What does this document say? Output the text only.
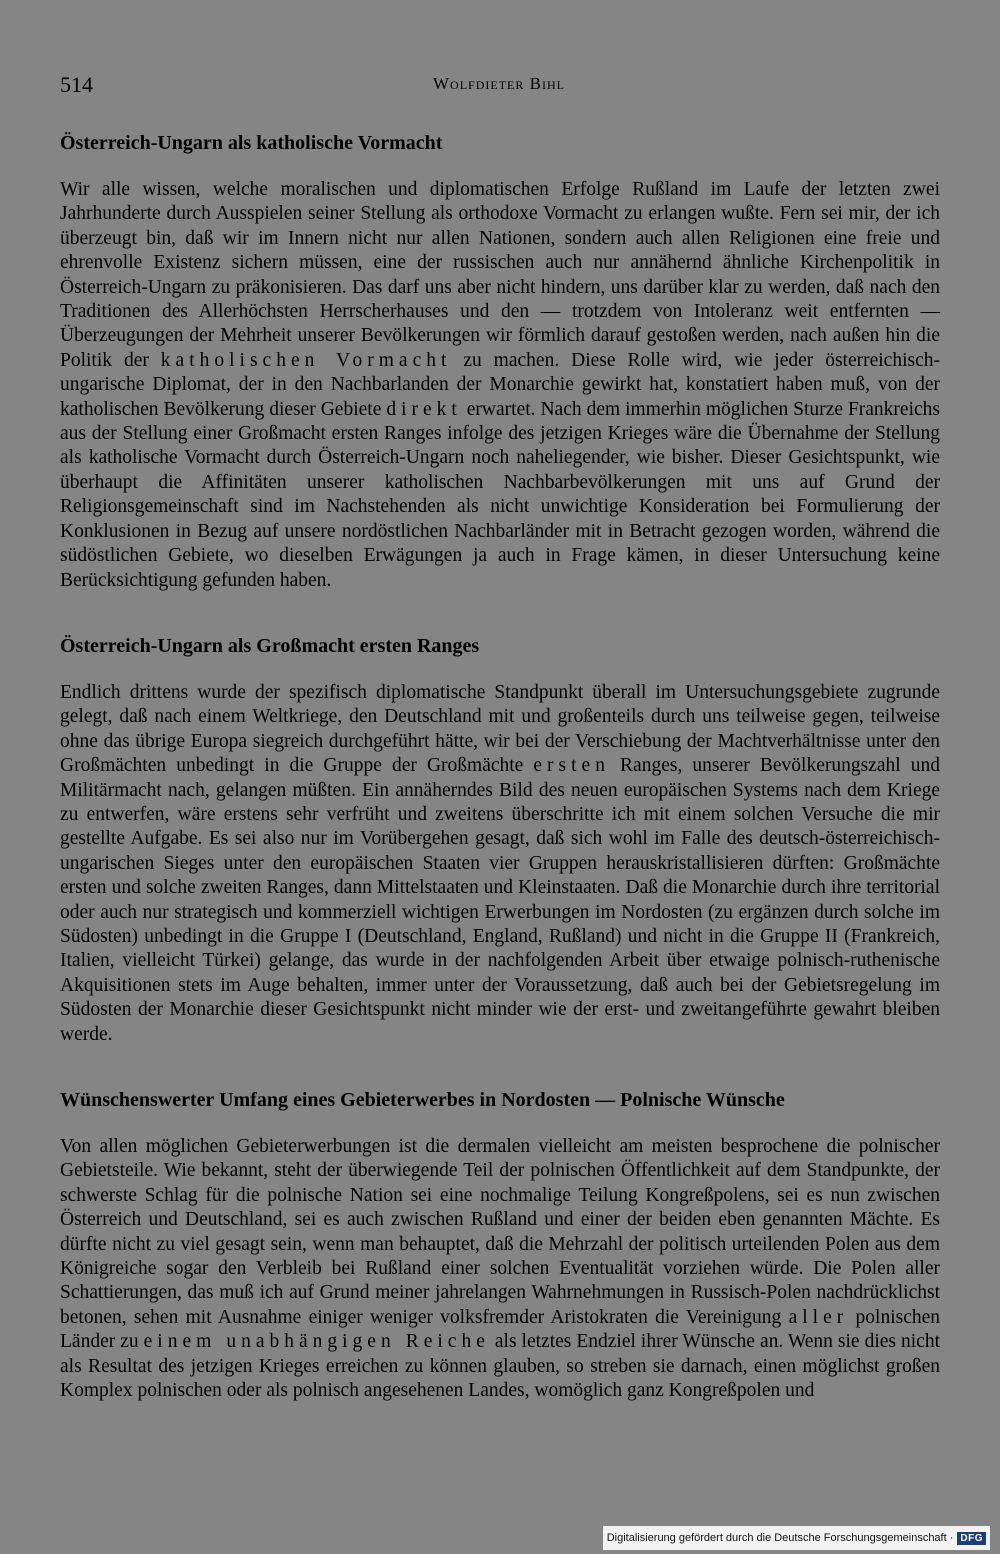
514	Wolfdieter Bihl
Österreich-Ungarn als katholische Vormacht

Wir alle wissen, welche moralischen und diplomatischen Erfolge Rußland im Laufe der letzten zwei Jahrhunderte durch Ausspielen seiner Stellung als orthodoxe Vormacht zu erlangen wußte. Fern sei mir, der ich überzeugt bin, daß wir im Innern nicht nur allen Nationen, sondern auch allen Religionen eine freie und ehrenvolle Existenz sichern müssen, eine der russischen auch nur annähernd ähnliche Kirchenpolitik in Österreich-Ungarn zu präkonisieren. Das darf uns aber nicht hindern, uns darüber klar zu werden, daß nach den Traditionen des Allerhöchsten Herrscherhauses und den — trotzdem von Intoleranz weit entfernten — Überzeugungen der Mehrheit unserer Bevölkerungen wir förmlich darauf gestoßen werden, nach außen hin die Politik der katholischen Vormacht zu machen. Diese Rolle wird, wie jeder österreichisch-ungarische Diplomat, der in den Nachbarlanden der Monarchie gewirkt hat, konstatiert haben muß, von der katholischen Bevölkerung dieser Gebiete direkt erwartet. Nach dem immerhin möglichen Sturze Frankreichs aus der Stellung einer Großmacht ersten Ranges infolge des jetzigen Krieges wäre die Übernahme der Stellung als katholische Vormacht durch Österreich-Ungarn noch naheliegender, wie bisher. Dieser Gesichtspunkt, wie überhaupt die Affinitäten unserer katholischen Nachbarbevölkerungen mit uns auf Grund der Religionsgemeinschaft sind im Nachstehenden als nicht unwichtige Konsideration bei Formulierung der Konklusionen in Bezug auf unsere nordöstlichen Nachbarländer mit in Betracht gezogen worden, während die südöstlichen Gebiete, wo dieselben Erwägungen ja auch in Frage kämen, in dieser Untersuchung keine Berücksichtigung gefunden haben.

Österreich-Ungarn als Großmacht ersten Ranges

Endlich drittens wurde der spezifisch diplomatische Standpunkt überall im Untersuchungsgebiete zugrunde gelegt, daß nach einem Weltkriege, den Deutschland mit und großenteils durch uns teilweise gegen, teilweise ohne das übrige Europa siegreich durchgeführt hätte, wir bei der Verschiebung der Machtverhältnisse unter den Großmächten unbedingt in die Gruppe der Großmächte ersten Ranges, unserer Bevölkerungszahl und Militärmacht nach, gelangen müßten. Ein annäherndes Bild des neuen europäischen Systems nach dem Kriege zu entwerfen, wäre erstens sehr verfrüht und zweitens überschritte ich mit einem solchen Versuche die mir gestellte Aufgabe. Es sei also nur im Vorübergehen gesagt, daß sich wohl im Falle des deutsch-österreichisch-ungarischen Sieges unter den europäischen Staaten vier Gruppen herauskristallisieren dürften: Großmächte ersten und solche zweiten Ranges, dann Mittelstaaten und Kleinstaaten. Daß die Monarchie durch ihre territorial oder auch nur strategisch und kommerziell wichtigen Erwerbungen im Nordosten (zu ergänzen durch solche im Südosten) unbedingt in die Gruppe I (Deutschland, England, Rußland) und nicht in die Gruppe II (Frankreich, Italien, vielleicht Türkei) gelange, das wurde in der nachfolgenden Arbeit über etwaige polnisch-ruthenische Akquisitionen stets im Auge behalten, immer unter der Voraussetzung, daß auch bei der Gebietsregelung im Südosten der Monarchie dieser Gesichtspunkt nicht minder wie der erst- und zweitangeführte gewahrt bleiben werde.

Wünschenswerter Umfang eines Gebieterwerbes in Nordosten — Polnische Wünsche

Von allen möglichen Gebieterwerbungen ist die dermalen vielleicht am meisten besprochene die polnischer Gebietsteile. Wie bekannt, steht der überwiegende Teil der polnischen Öffentlichkeit auf dem Standpunkte, der schwerste Schlag für die polnische Nation sei eine nochmalige Teilung Kongreßpolens, sei es nun zwischen Österreich und Deutschland, sei es auch zwischen Rußland und einer der beiden eben genannten Mächte. Es dürfte nicht zu viel gesagt sein, wenn man behauptet, daß die Mehrzahl der politisch urteilenden Polen aus dem Königreiche sogar den Verbleib bei Rußland einer solchen Eventualität vorziehen würde. Die Polen aller Schattierungen, das muß ich auf Grund meiner jahrelangen Wahrnehmungen in Russisch-Polen nachdrücklichst betonen, sehen mit Ausnahme einiger weniger volksfremder Aristokraten die Vereinigung aller polnischen Länder zu einem unabhängigen Reiche als letztes Endziel ihrer Wünsche an. Wenn sie dies nicht als Resultat des jetzigen Krieges erreichen zu können glauben, so streben sie darnach, einen möglichst großen Komplex polnischen oder als polnisch angesehenen Landes, womöglich ganz Kongreßpolen und

Digitalisierung gefördert durch die Deutsche Forschungsgemeinschaft · DFG
